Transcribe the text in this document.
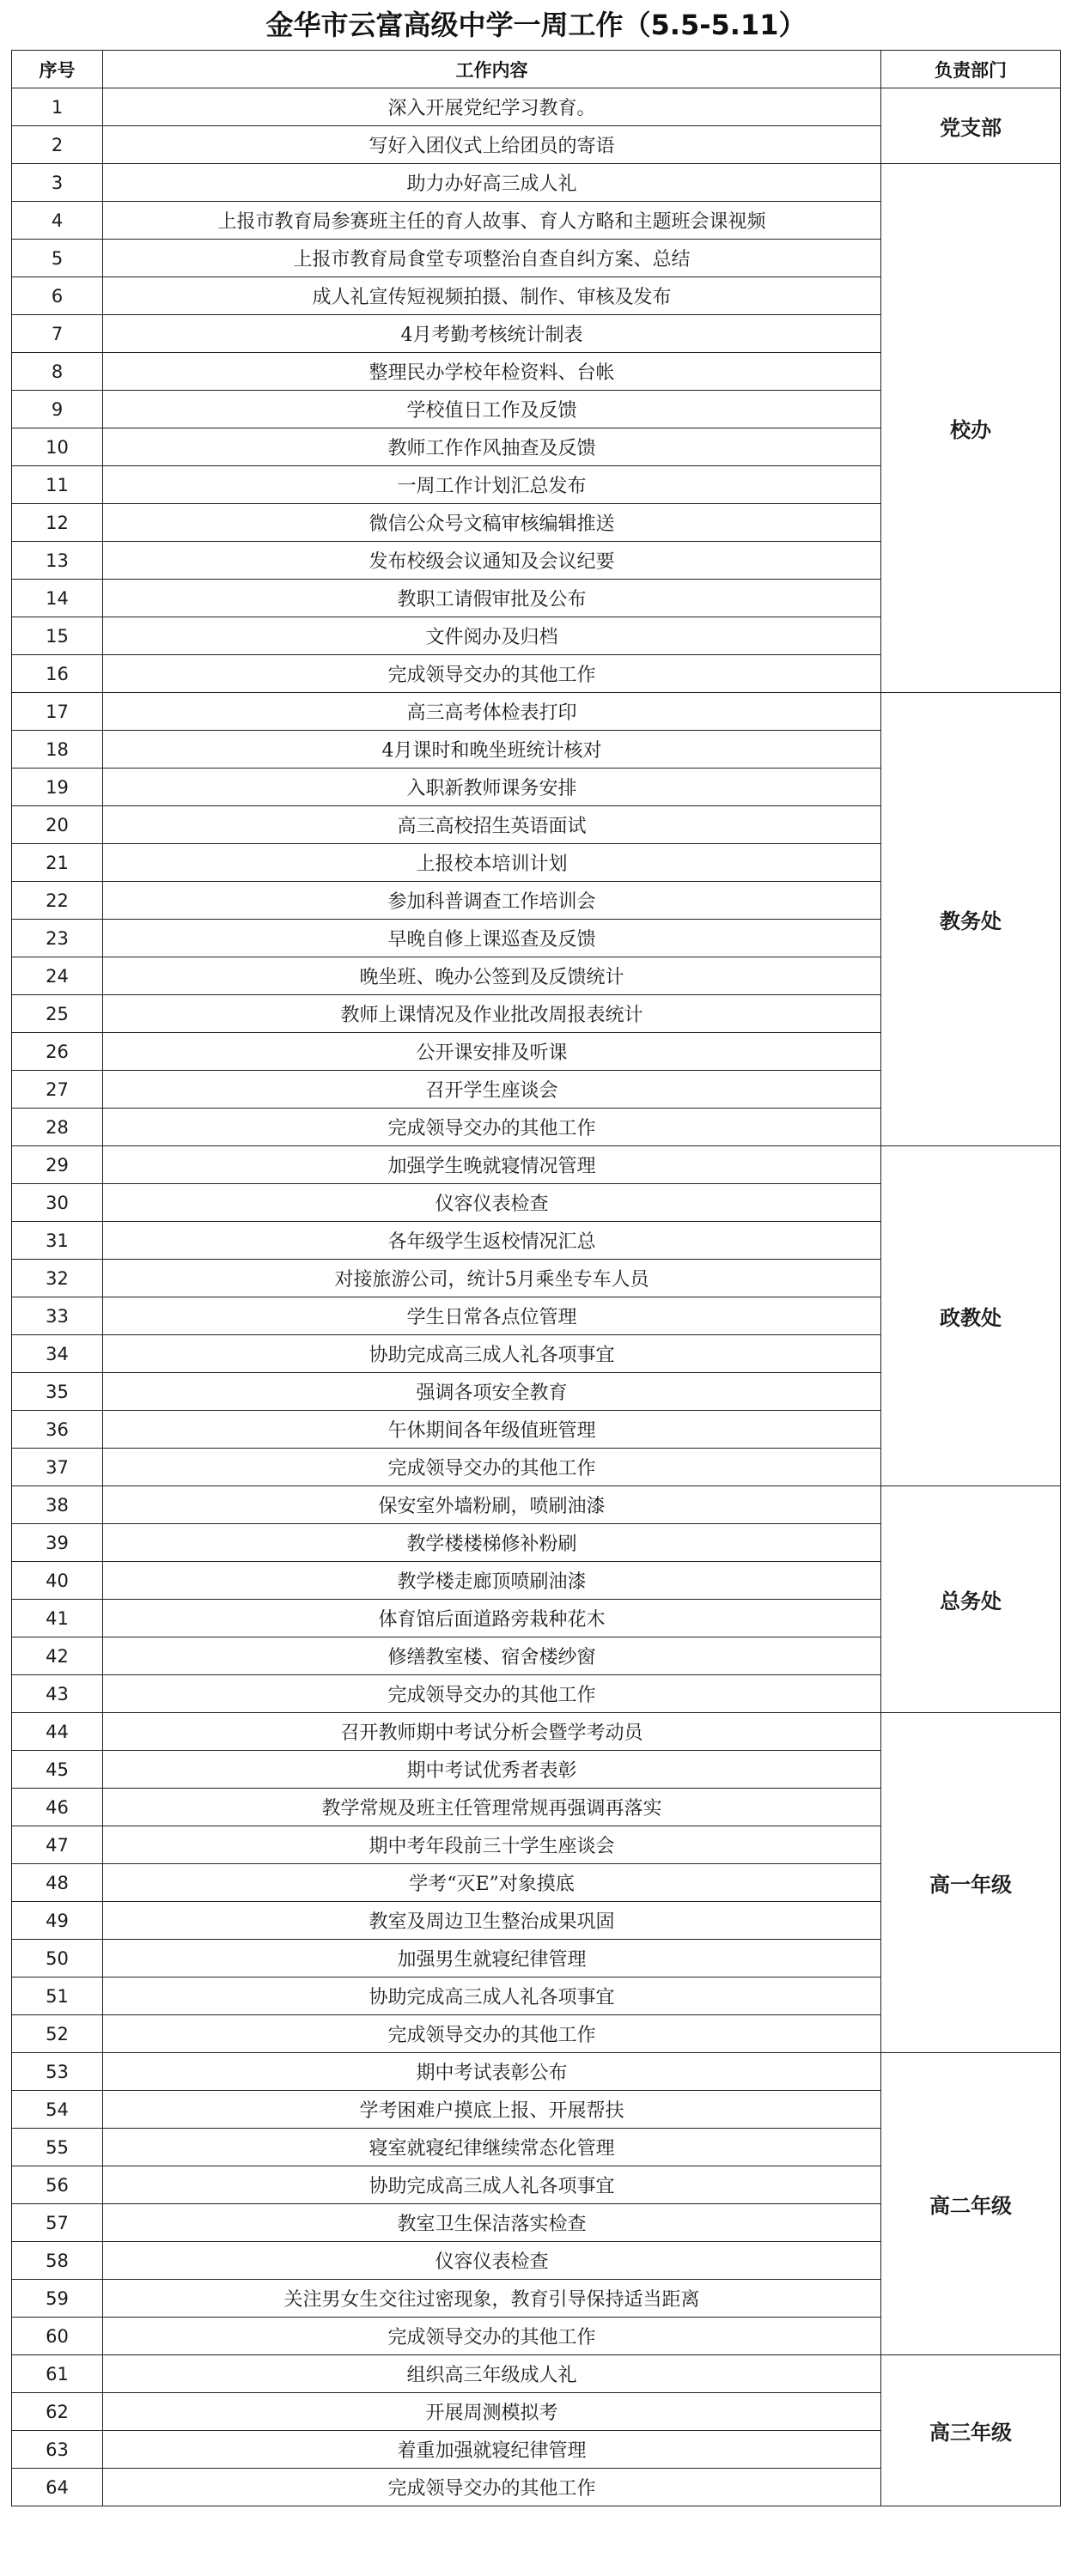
金华市云富高级中学一周工作（5.5-5.11）
序号	工作内容	负责部门
1	深入开展党纪学习教育。	党支部
2	写好入团仪式上给团员的寄语	
3	助力办好高三成人礼	校办
4	上报市教育局参赛班主任的育人故事、育人方略和主题班会课视频	
5	上报市教育局食堂专项整治自查自纠方案、总结	
6	成人礼宣传短视频拍摄、制作、审核及发布	
7	4月考勤考核统计制表	
8	整理民办学校年检资料、台帐	
9	学校值日工作及反馈	
10	教师工作作风抽查及反馈	
11	一周工作计划汇总发布	
12	微信公众号文稿审核编辑推送	
13	发布校级会议通知及会议纪要	
14	教职工请假审批及公布	
15	文件阅办及归档	
16	完成领导交办的其他工作	
17	高三高考体检表打印	教务处
18	4月课时和晚坐班统计核对	
19	入职新教师课务安排	
20	高三高校招生英语面试	
21	上报校本培训计划	
22	参加科普调查工作培训会	
23	早晚自修上课巡查及反馈	
24	晚坐班、晚办公签到及反馈统计	
25	教师上课情况及作业批改周报表统计	
26	公开课安排及听课	
27	召开学生座谈会	
28	完成领导交办的其他工作	
29	加强学生晚就寝情况管理	政教处
30	仪容仪表检查	
31	各年级学生返校情况汇总	
32	对接旅游公司，统计5月乘坐专车人员	
33	学生日常各点位管理	
34	协助完成高三成人礼各项事宜	
35	强调各项安全教育	
36	午休期间各年级值班管理	
37	完成领导交办的其他工作	
38	保安室外墙粉刷，喷刷油漆	总务处
39	教学楼楼梯修补粉刷	
40	教学楼走廊顶喷刷油漆	
41	体育馆后面道路旁栽种花木	
42	修缮教室楼、宿舍楼纱窗	
43	完成领导交办的其他工作	
44	召开教师期中考试分析会暨学考动员	高一年级
45	期中考试优秀者表彰	
46	教学常规及班主任管理常规再强调再落实	
47	期中考年段前三十学生座谈会	
48	学考“灭E”对象摸底	
49	教室及周边卫生整治成果巩固	
50	加强男生就寝纪律管理	
51	协助完成高三成人礼各项事宜	
52	完成领导交办的其他工作	
53	期中考试表彰公布	高二年级
54	学考困难户摸底上报、开展帮扶	
55	寝室就寝纪律继续常态化管理	
56	协助完成高三成人礼各项事宜	
57	教室卫生保洁落实检查	
58	仪容仪表检查	
59	关注男女生交往过密现象，教育引导保持适当距离	
60	完成领导交办的其他工作	
61	组织高三年级成人礼	高三年级
62	开展周测模拟考	
63	着重加强就寝纪律管理	
64	完成领导交办的其他工作	
